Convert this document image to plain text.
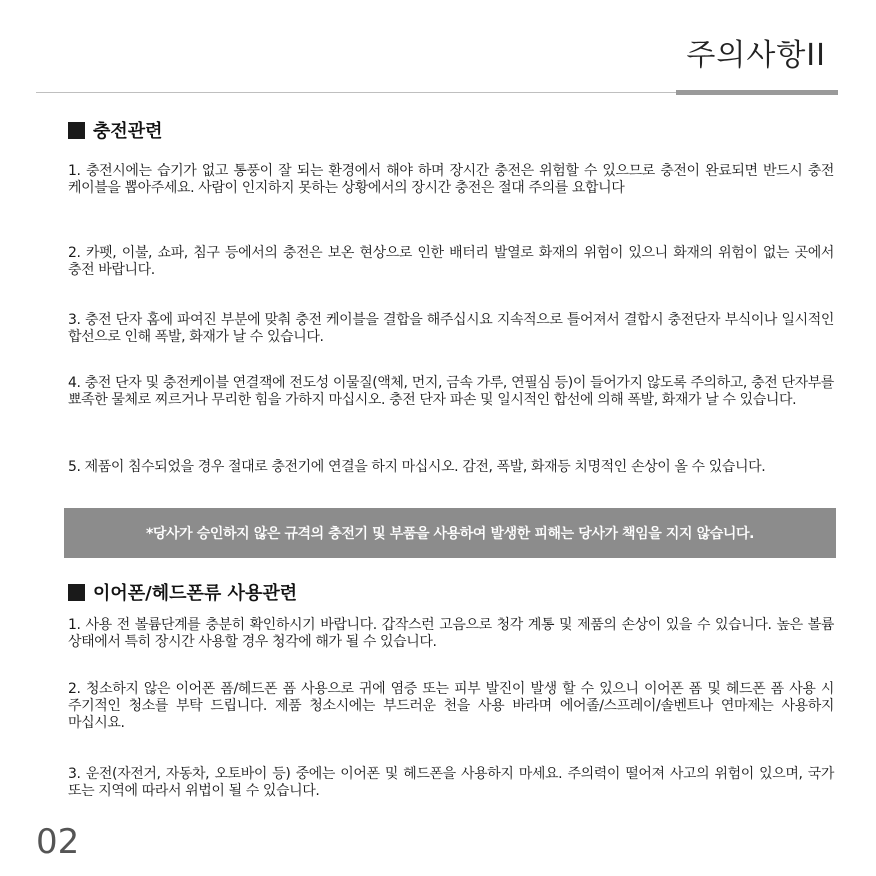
주의사항II
충전관련

1. 충전시에는 습기가 없고 통풍이 잘 되는 환경에서 해야 하며 장시간 충전은 위험할 수 있으므로 충전이 완료되면 반드시 충전 케이블을 뽑아주세요. 사람이 인지하지 못하는 상황에서의 장시간 충전은 절대 주의를 요합니다

2. 카펫, 이불, 쇼파, 침구 등에서의 충전은 보온 현상으로 인한 배터리 발열로 화재의 위험이 있으니 화재의 위험이 없는 곳에서 충전 바랍니다.

3. 충전 단자 홈에 파여진 부분에 맞춰 충전 케이블을 결합을 해주십시요 지속적으로 틀어져서 결합시 충전단자 부식이나 일시적인 합선으로 인해 폭발, 화재가 날 수 있습니다.

4. 충전 단자 및 충전케이블 연결잭에 전도성 이물질(액체, 먼지, 금속 가루, 연필심 등)이 들어가지 않도록 주의하고, 충전 단자부를 뾰족한 물체로 찌르거나 무리한 힘을 가하지 마십시오. 충전 단자 파손 및 일시적인 합선에 의해 폭발, 화재가 날 수 있습니다.

5. 제품이 침수되었을 경우 절대로 충전기에 연결을 하지 마십시오. 감전, 폭발, 화재등 치명적인 손상이 올 수 있습니다.

*당사가 승인하지 않은 규격의 충전기 및 부품을 사용하여 발생한 피해는 당사가 책임을 지지 않습니다.
이어폰/헤드폰류 사용관련

1. 사용 전 볼륨단계를 충분히 확인하시기 바랍니다. 갑작스런 고음으로 청각 계통 및 제품의 손상이 있을 수 있습니다. 높은 볼륨 상태에서 특히 장시간 사용할 경우 청각에 해가 될 수 있습니다.

2. 청소하지 않은 이어폰 폼/헤드폰 폼 사용으로 귀에 염증 또는 피부 발진이 발생 할 수 있으니 이어폰 폼 및 헤드폰 폼 사용 시 주기적인 청소를 부탁 드립니다. 제품 청소시에는 부드러운 천을 사용 바라며 에어졸/스프레이/솔벤트나 연마제는 사용하지 마십시요.

3. 운전(자전거, 자동차, 오토바이 등) 중에는 이어폰 및 헤드폰을 사용하지 마세요. 주의력이 떨어져 사고의 위험이 있으며, 국가 또는 지역에 따라서 위법이 될 수 있습니다.

02
